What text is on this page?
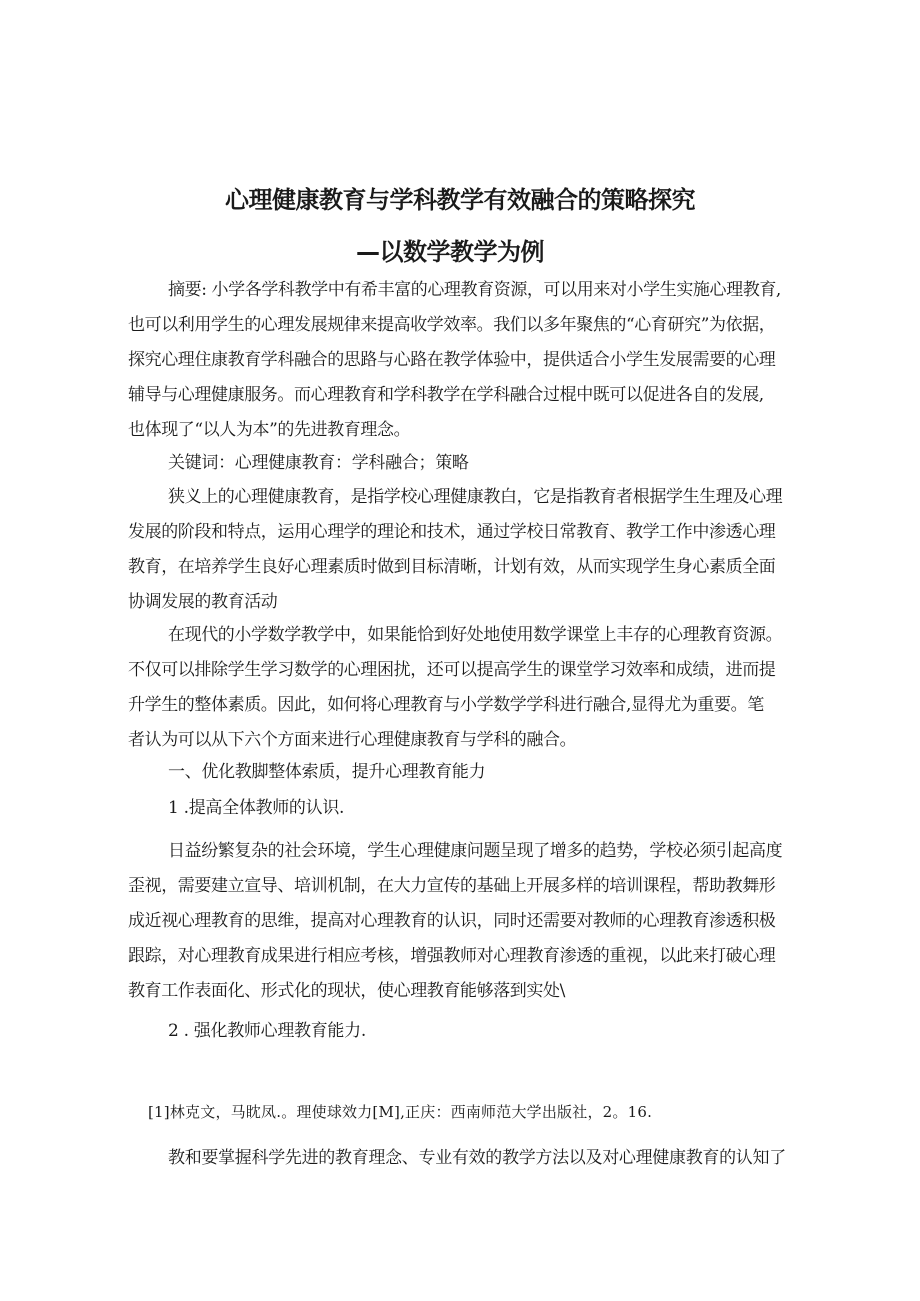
心理健康教育与学科教学有效融合的策略探究
—以数学教学为例
摘要: 小学各学科教学中有希丰富的心理教育资源，可以用来对小学生实施心理教育,
也可以利用学生的心理发展规律来提高收学效率。我们以多年聚焦的“心育研究”为依据，
探究心理住康教育学科融合的思路与心路在教学体验中，提供适合小学生发展需要的心理
辅导与心理健康服务。而心理教育和学科教学在学科融合过棍中既可以促进各自的发展,
也体现了“以人为本”的先进教育理念。
关键词：心理健康教育：学科融合；策略
狭义上的心理健康教育，是指学校心理健康教白，它是指教育者根据学生生理及心理
发展的阶段和特点，运用心理学的理论和技术，通过学校日常教育、教学工作中渗透心理
教育，在培养学生良好心理素质时做到目标清晰，计划有效，从而实现学生身心素质全面
协调发展的教育活动
在现代的小学数学教学中，如果能恰到好处地使用数学课堂上丰存的心理教育资源。
不仅可以排除学生学习数学的心理困扰，还可以提高学生的课堂学习效率和成绩，进而提
升学生的整体素质。因此，如何将心理教育与小学数学学科进行融合,显得尤为重要。笔
者认为可以从下六个方面来进行心理健康教育与学科的融合。
一、优化教脚整体索质，提升心理教育能力
1 .提高全体教师的认识.
日益纷繁复杂的社会环境，学生心理健康问题呈现了增多的趋势，学校必须引起高度
歪视，需要建立宣导、培训机制，在大力宣传的基础上开展多样的培训课程，帮助教舞形
成近视心理教育的思维，提高对心理教育的认识，同时还需要对教师的心理教育渗透积极
跟踪，对心理教育成果进行相应考核，增强教师对心理教育渗透的重视，以此来打破心理
教育工作表面化、形式化的现状，使心理教育能够落到实处\
2 . 强化教师心理教育能力.
[1]林克文，马眈凤.。理使球效力[M],正庆：西南师范大学出版社，2。16.
教和要掌握科学先进的教育理念、专业有效的教学方法以及对心理健康教育的认知了
